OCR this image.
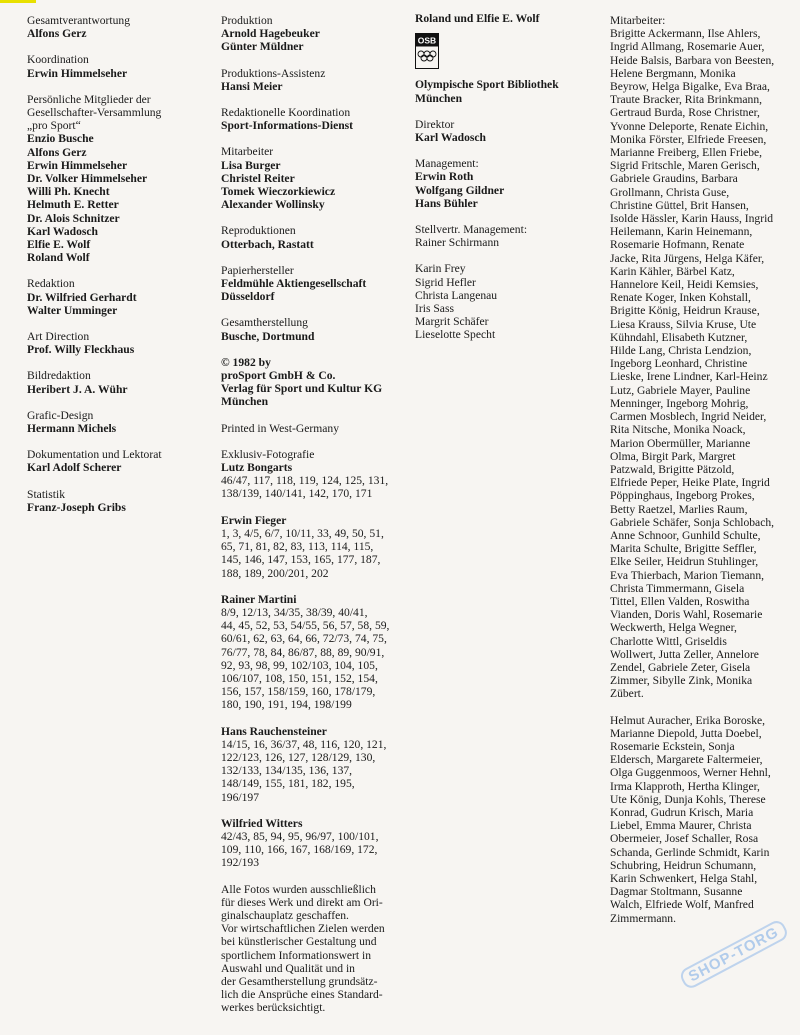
Gesamtverantwortung
Alfons Gerz
Koordination
Erwin Himmelseher
Persönliche Mitglieder der
Gesellschafter-Versammlung
„pro Sport“
Enzio Busche
Alfons Gerz
Erwin Himmelseher
Dr. Volker Himmelseher
Willi Ph. Knecht
Helmuth E. Retter
Dr. Alois Schnitzer
Karl Wadosch
Elfie E. Wolf
Roland Wolf
Redaktion
Dr. Wilfried Gerhardt
Walter Umminger
Art Direction
Prof. Willy Fleckhaus
Bildredaktion
Heribert J. A. Wühr
Grafic-Design
Hermann Michels
Dokumentation und Lektorat
Karl Adolf Scherer
Statistik
Franz-Joseph Gribs
Produktion
Arnold Hagebeuker
Günter Müldner
Produktions-Assistenz
Hansi Meier
Redaktionelle Koordination
Sport-Informations-Dienst
Mitarbeiter
Lisa Burger
Christel Reiter
Tomek Wieczorkiewicz
Alexander Wollinsky
Reproduktionen
Otterbach, Rastatt
Papierhersteller
Feldmühle Aktiengesellschaft
Düsseldorf
Gesamtherstellung
Busche, Dortmund
© 1982 by
proSport GmbH & Co.
Verlag für Sport und Kultur KG
München
Printed in West-Germany
Exklusiv-Fotografie
Lutz Bongarts
46/47, 117, 118, 119, 124, 125, 131,
138/139, 140/141, 142, 170, 171
Erwin Fieger
1, 3, 4/5, 6/7, 10/11, 33, 49, 50, 51,
65, 71, 81, 82, 83, 113, 114, 115,
145, 146, 147, 153, 165, 177, 187,
188, 189, 200/201, 202
Rainer Martini
8/9, 12/13, 34/35, 38/39, 40/41,
44, 45, 52, 53, 54/55, 56, 57, 58, 59,
60/61, 62, 63, 64, 66, 72/73, 74, 75,
76/77, 78, 84, 86/87, 88, 89, 90/91,
92, 93, 98, 99, 102/103, 104, 105,
106/107, 108, 150, 151, 152, 154,
156, 157, 158/159, 160, 178/179,
180, 190, 191, 194, 198/199
Hans Rauchensteiner
14/15, 16, 36/37, 48, 116, 120, 121,
122/123, 126, 127, 128/129, 130,
132/133, 134/135, 136, 137,
148/149, 155, 181, 182, 195,
196/197
Wilfried Witters
42/43, 85, 94, 95, 96/97, 100/101,
109, 110, 166, 167, 168/169, 172,
192/193
Alle Fotos wurden ausschließlich
für dieses Werk und direkt am Ori-
ginalschauplatz geschaffen.
Vor wirtschaftlichen Zielen werden
bei künstlerischer Gestaltung und
sportlichem Informationswert in
Auswahl und Qualität und in
der Gesamtherstellung grundsätz-
lich die Ansprüche eines Standard-
werkes berücksichtigt.
Roland und Elfie E. Wolf
OSB
Olympische Sport Bibliothek
München
Direktor
Karl Wadosch
Management:
Erwin Roth
Wolfgang Gildner
Hans Bühler
Stellvertr. Management:
Rainer Schirmann
Karin Frey
Sigrid Hefler
Christa Langenau
Iris Sass
Margrit Schäfer
Lieselotte Specht
Mitarbeiter:
Brigitte Ackermann, Ilse Ahlers,
Ingrid Allmang, Rosemarie Auer,
Heide Balsis, Barbara von Beesten,
Helene Bergmann, Monika
Beyrow, Helga Bigalke, Eva Braa,
Traute Bracker, Rita Brinkmann,
Gertraud Burda, Rose Christner,
Yvonne Deleporte, Renate Eichin,
Monika Förster, Elfriede Freesen,
Marianne Freiberg, Ellen Friebe,
Sigrid Fritschle, Maren Gerisch,
Gabriele Graudins, Barbara
Grollmann, Christa Guse,
Christine Güttel, Brit Hansen,
Isolde Hässler, Karin Hauss, Ingrid
Heilemann, Karin Heinemann,
Rosemarie Hofmann, Renate
Jacke, Rita Jürgens, Helga Käfer,
Karin Kähler, Bärbel Katz,
Hannelore Keil, Heidi Kemsies,
Renate Koger, Inken Kohstall,
Brigitte König, Heidrun Krause,
Liesa Krauss, Silvia Kruse, Ute
Kühndahl, Elisabeth Kutzner,
Hilde Lang, Christa Lendzion,
Ingeborg Leonhard, Christine
Lieske, Irene Lindner, Karl-Heinz
Lutz, Gabriele Mayer, Pauline
Menninger, Ingeborg Mohrig,
Carmen Mosblech, Ingrid Neider,
Rita Nitsche, Monika Noack,
Marion Obermüller, Marianne
Olma, Birgit Park, Margret
Patzwald, Brigitte Pätzold,
Elfriede Peper, Heike Plate, Ingrid
Pöppinghaus, Ingeborg Prokes,
Betty Raetzel, Marlies Raum,
Gabriele Schäfer, Sonja Schlobach,
Anne Schnoor, Gunhild Schulte,
Marita Schulte, Brigitte Seffler,
Elke Seiler, Heidrun Stuhlinger,
Eva Thierbach, Marion Tiemann,
Christa Timmermann, Gisela
Tittel, Ellen Valden, Roswitha
Vianden, Doris Wahl, Rosemarie
Weckwerth, Helga Wegner,
Charlotte Wittl, Griseldis
Wollwert, Jutta Zeller, Annelore
Zendel, Gabriele Zeter, Gisela
Zimmer, Sibylle Zink, Monika
Zübert.
Helmut Auracher, Erika Boroske,
Marianne Diepold, Jutta Doebel,
Rosemarie Eckstein, Sonja
Eldersch, Margarete Faltermeier,
Olga Guggenmoos, Werner Hehnl,
Irma Klapproth, Hertha Klinger,
Ute König, Dunja Kohls, Therese
Konrad, Gudrun Krisch, Maria
Liebel, Emma Maurer, Christa
Obermeier, Josef Schaller, Rosa
Schanda, Gerlinde Schmidt, Karin
Schubring, Heidrun Schumann,
Karin Schwenkert, Helga Stahl,
Dagmar Stoltmann, Susanne
Walch, Elfriede Wolf, Manfred
Zimmermann.
SHOP-TORG
